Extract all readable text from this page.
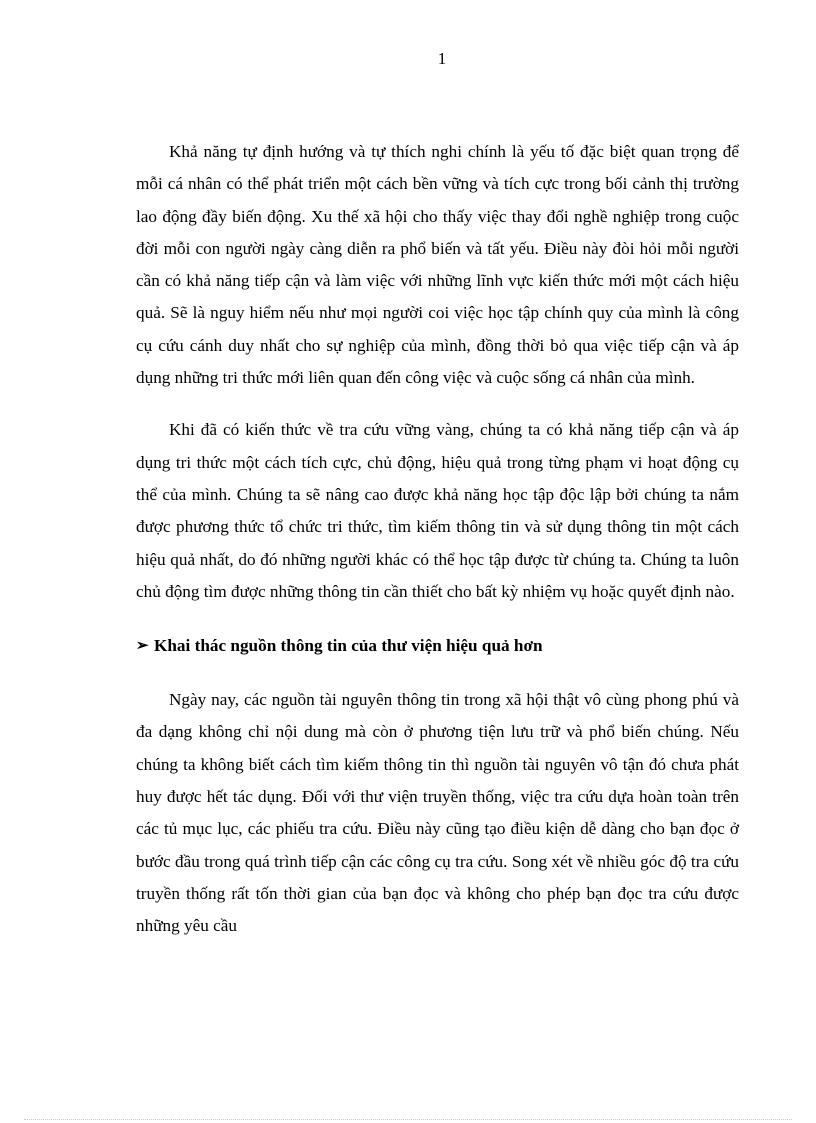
1

Khả năng tự định hướng và tự thích nghi chính là yếu tố đặc biệt quan trọng để mỗi cá nhân có thể phát triển một cách bền vững và tích cực trong bối cảnh thị trường lao động đầy biến động. Xu thế xã hội cho thấy việc thay đổi nghề nghiệp trong cuộc đời mỗi con người ngày càng diễn ra phổ biến và tất yếu. Điều này đòi hỏi mỗi người cần có khả năng tiếp cận và làm việc với những lĩnh vực kiến thức mới một cách hiệu quả. Sẽ là nguy hiểm nếu như mọi người coi việc học tập chính quy của mình là công cụ cứu cánh duy nhất cho sự nghiệp của mình, đồng thời bỏ qua việc tiếp cận và áp dụng những tri thức mới liên quan đến công việc và cuộc sống cá nhân của mình.

Khi đã có kiến thức về tra cứu vững vàng, chúng ta có khả năng tiếp cận và áp dụng tri thức một cách tích cực, chủ động, hiệu quả trong từng phạm vi hoạt động cụ thể của mình. Chúng ta sẽ nâng cao được khả năng học tập độc lập bởi chúng ta nắm được phương thức tổ chức tri thức, tìm kiếm thông tin và sử dụng thông tin một cách hiệu quả nhất, do đó những người khác có thể học tập được từ chúng ta. Chúng ta luôn chủ động tìm được những thông tin cần thiết cho bất kỳ nhiệm vụ hoặc quyết định nào.

➢ Khai thác nguồn thông tin của thư viện hiệu quả hơn

Ngày nay, các nguồn tài nguyên thông tin trong xã hội thật vô cùng phong phú và đa dạng không chỉ nội dung mà còn ở phương tiện lưu trữ và phổ biến chúng. Nếu chúng ta không biết cách tìm kiếm thông tin thì nguồn tài nguyên vô tận đó chưa phát huy được hết tác dụng. Đối với thư viện truyền thống, việc tra cứu dựa hoàn toàn trên các tủ mục lục, các phiếu tra cứu. Điều này cũng tạo điều kiện dễ dàng cho bạn đọc ở bước đầu trong quá trình tiếp cận các công cụ tra cứu. Song xét về nhiều góc độ tra cứu truyền thống rất tốn thời gian của bạn đọc và không cho phép bạn đọc tra cứu được những yêu cầu
